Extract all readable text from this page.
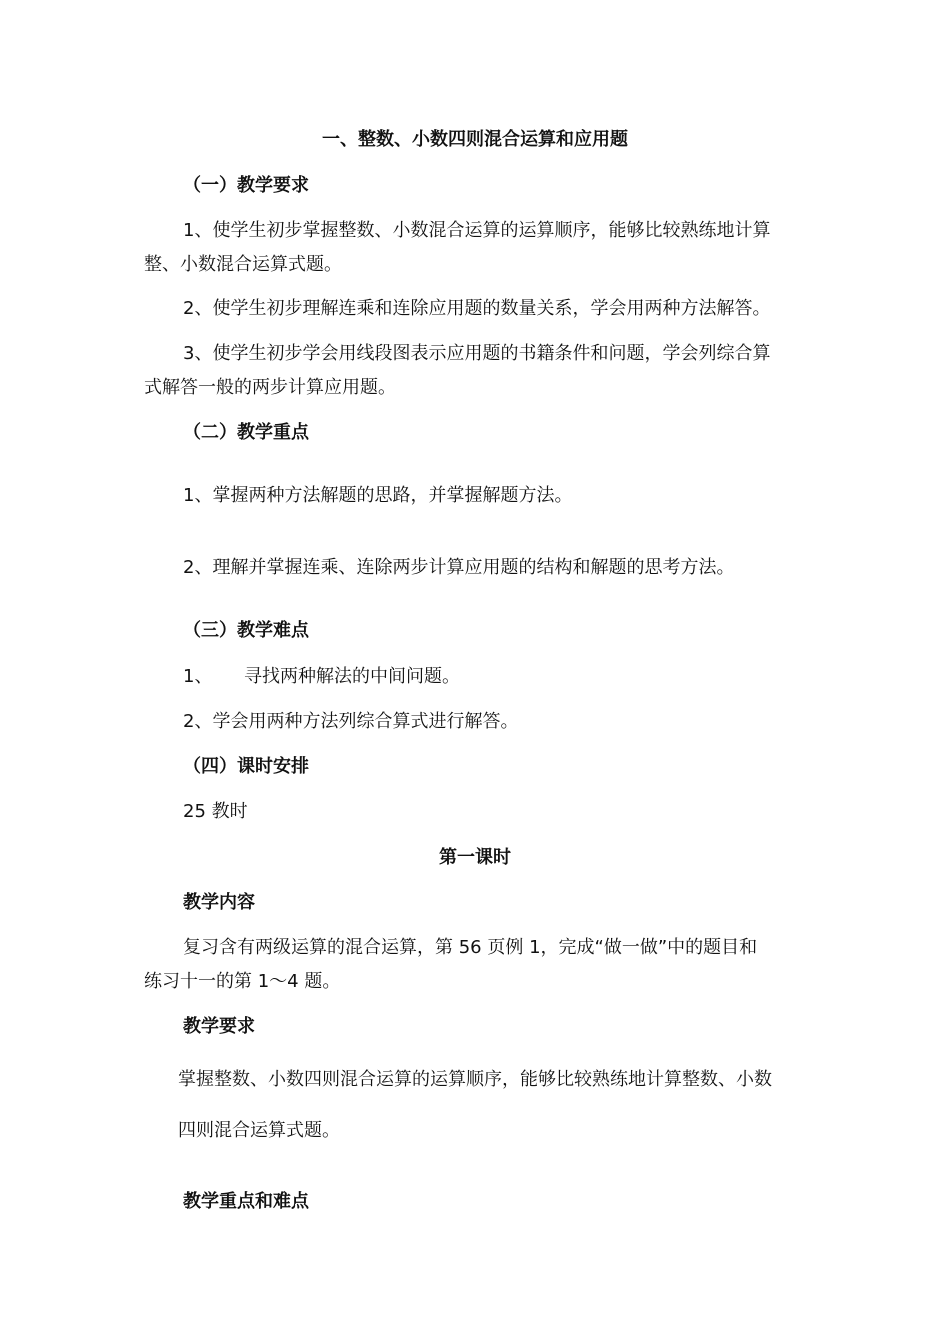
一、整数、小数四则混合运算和应用题
（一）教学要求
1、使学生初步掌握整数、小数混合运算的运算顺序，能够比较熟练地计算
整、小数混合运算式题。
2、使学生初步理解连乘和连除应用题的数量关系，学会用两种方法解答。
3、使学生初步学会用线段图表示应用题的书籍条件和问题，学会列综合算
式解答一般的两步计算应用题。
（二）教学重点
1、掌握两种方法解题的思路，并掌握解题方法。
2、理解并掌握连乘、连除两步计算应用题的结构和解题的思考方法。
（三）教学难点
1、 寻找两种解法的中间问题。
2、学会用两种方法列综合算式进行解答。
（四）课时安排
25 教时
第一课时
教学内容
复习含有两级运算的混合运算，第 56 页例 1，完成“做一做”中的题目和
练习十一的第 1～4 题。
教学要求
掌握整数、小数四则混合运算的运算顺序，能够比较熟练地计算整数、小数
四则混合运算式题。
教学重点和难点
